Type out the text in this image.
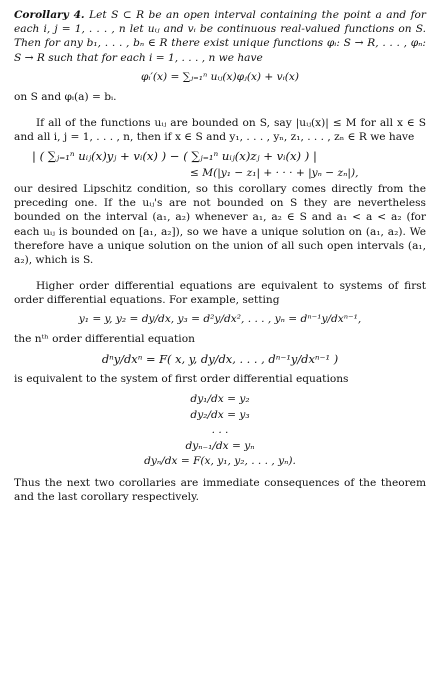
Corollary 4. Let S ⊂ R be an open interval containing the point a and for each i, j = 1, . . . , n let uᵢⱼ and vᵢ be continuous real-valued functions on S. Then for any b₁, . . . , bₙ ∈ R there exist unique functions φᵢ: S → R, . . . , φₙ: S → R such that for each i = 1, . . . , n we have

φᵢ′(x) = ∑ⱼ₌₁ⁿ uᵢⱼ(x)φⱼ(x) + vᵢ(x)

on S and φᵢ(a) = bᵢ.

If all of the functions uᵢⱼ are bounded on S, say |uᵢⱼ(x)| ≤ M for all x ∈ S and all i, j = 1, . . . , n, then if x ∈ S and y₁, . . . , yₙ, z₁, . . . , zₙ ∈ R we have

| ( ∑ⱼ₌₁ⁿ uᵢⱼ(x)yⱼ + vᵢ(x) ) − ( ∑ⱼ₌₁ⁿ uᵢⱼ(x)zⱼ + vᵢ(x) ) |
≤ M(|y₁ − z₁| + · · · + |yₙ − zₙ|),

our desired Lipschitz condition, so this corollary comes directly from the preceding one. If the uᵢⱼ's are not bounded on S they are nevertheless bounded on the interval (a₁, a₂) whenever a₁, a₂ ∈ S and a₁ < a < a₂ (for each uᵢⱼ is bounded on [a₁, a₂]), so we have a unique solution on (a₁, a₂). We therefore have a unique solution on the union of all such open intervals (a₁, a₂), which is S.

Higher order differential equations are equivalent to systems of first order differential equations. For example, setting

y₁ = y, y₂ = dy/dx, y₃ = d²y/dx², . . . , yₙ = dⁿ⁻¹y/dxⁿ⁻¹,

the nᵗʰ order differential equation

dⁿy/dxⁿ = F( x, y, dy/dx, . . . , dⁿ⁻¹y/dxⁿ⁻¹ )

is equivalent to the system of first order differential equations

dy₁/dx = y₂
dy₂/dx = y₃
. . .
dyₙ₋₁/dx = yₙ
dyₙ/dx = F(x, y₁, y₂, . . . , yₙ).

Thus the next two corollaries are immediate consequences of the theorem and the last corollary respectively.
